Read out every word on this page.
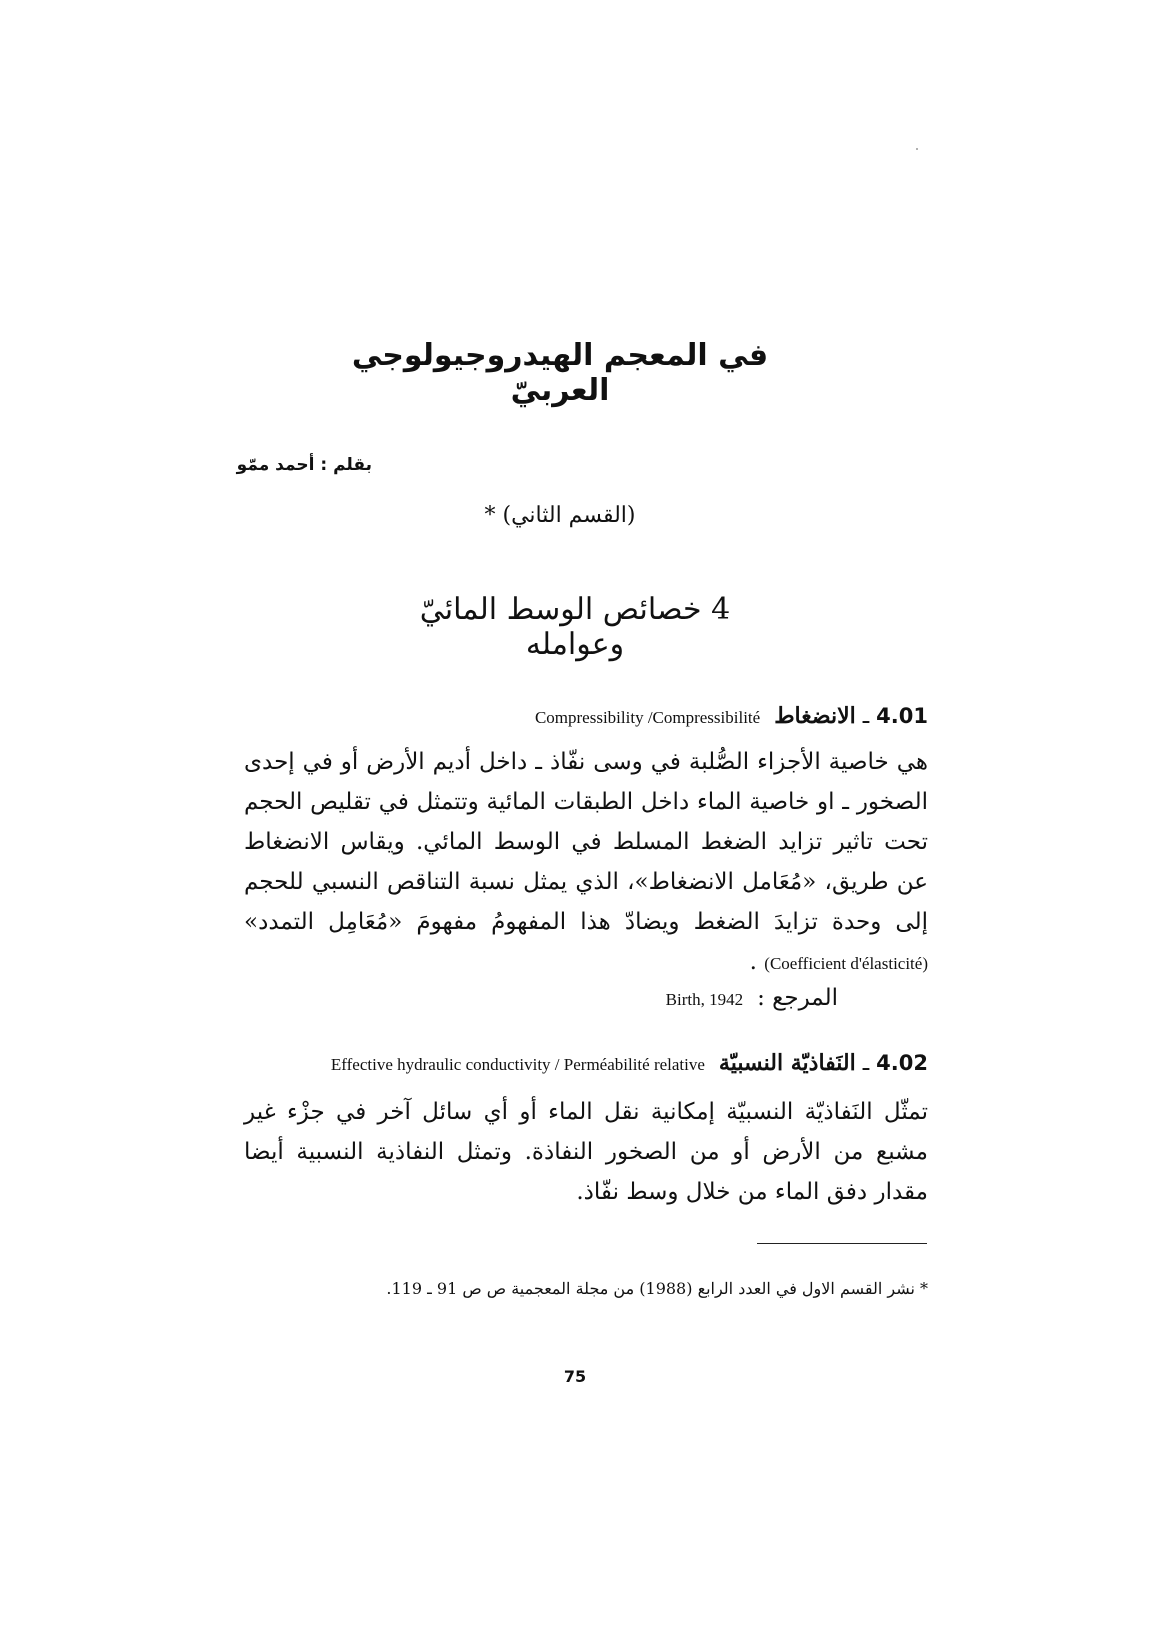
في المعجم الهيدروجيولوجي العربيّ
بقلم : أحمد ممّو
(القسم الثاني) *
4 خصائص الوسط المائيّ وعوامله
4.01 ـ الانضغاط  Compressibility /Compressibilité
هي خاصية الأجزاء الصُّلبة في وسى نفّاذ ـ داخل أديم الأرض أو في إحدى الصخور ـ او خاصية الماء داخل الطبقات المائية وتتمثل في تقليص الحجم تحت تاثير تزايد الضغط المسلط في الوسط المائي. ويقاس الانضغاط عن طريق، «مُعَامل الانضغاط»، الذي يمثل نسبة التناقص النسبي للحجم إلى وحدة تزايدَ الضغط ويضادّ هذا المفهومُ مفهومَ «مُعَامِل التمدد» (Coefficient d'élasticité) .
المرجع :Birth, 1942
4.02 ـ النَفاذيّة النسبيّة  Effective hydraulic conductivity / Perméabilité relative
تمثّل النَفاذيّة النسبيّة إمكانية نقل الماء أو أي سائل آخر في جزْء غير مشبع من الأرض أو من الصخور النفاذة. وتمثل النفاذية النسبية أيضا مقدار دفق الماء من خلال وسط نفّاذ.
* نشر القسم الاول في العدد الرابع (1988) من مجلة المعجمية ص ص 91 ـ 119.
75
